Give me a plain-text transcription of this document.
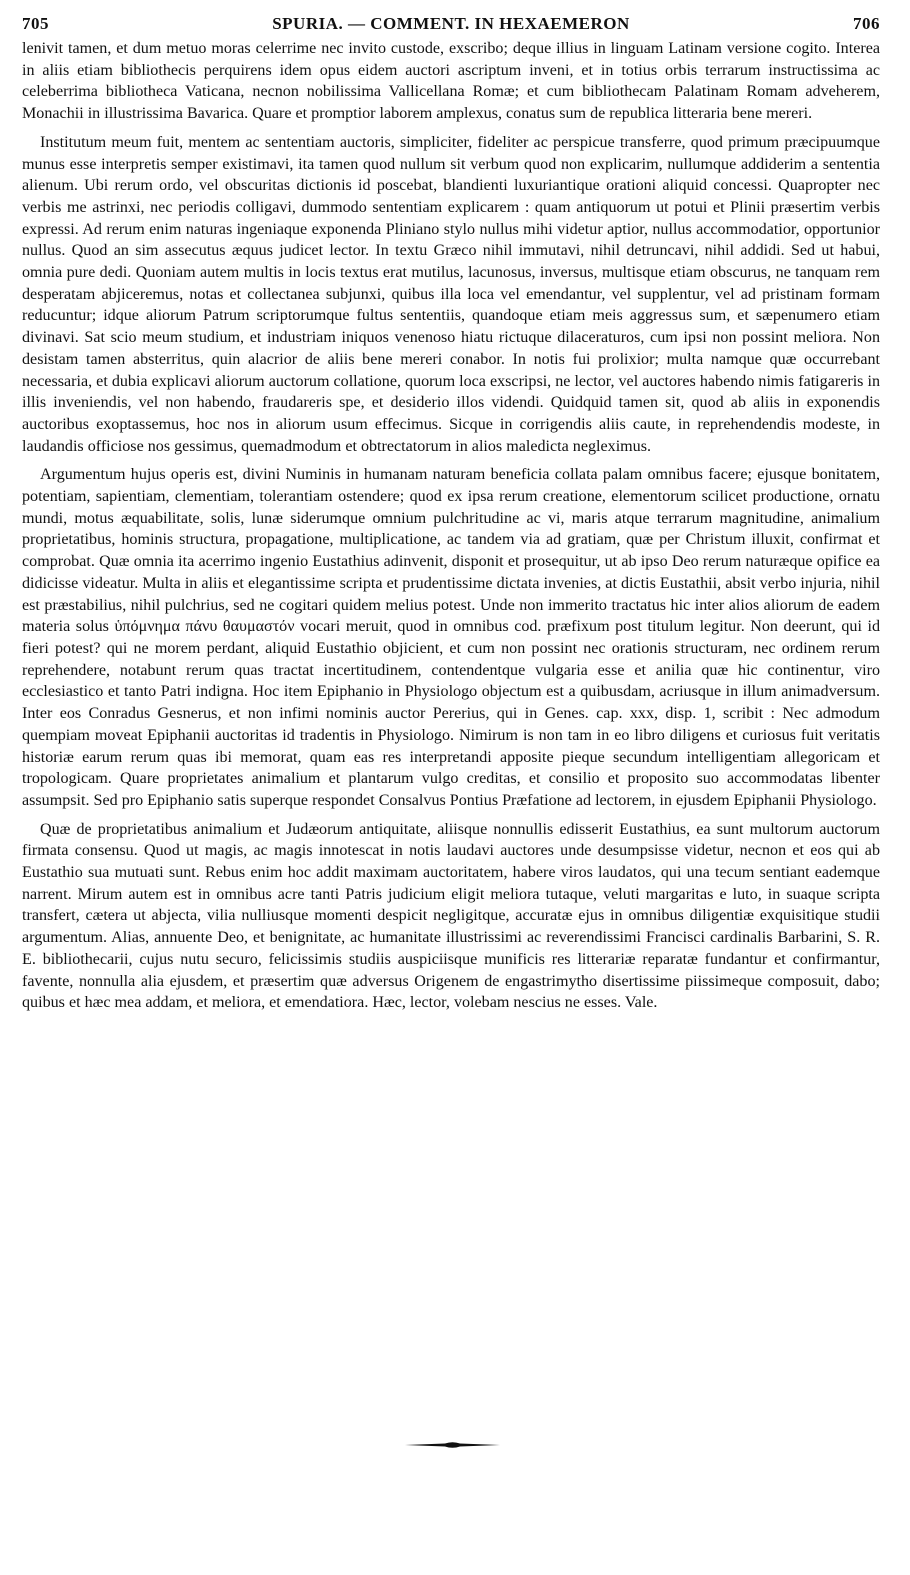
705	SPURIA. — COMMENT. IN HEXAEMERON	706

lenivit tamen, et dum metuo moras celerrime nec invito custode, exscribo; deque illius in linguam Latinam versione cogito. Interea in aliis etiam bibliothecis perquirens idem opus eidem auctori ascriptum inveni, et in totius orbis terrarum instructissima ac celeberrima bibliotheca Vaticana, necnon nobilissima Vallicellana Romæ; et cum bibliothecam Palatinam Romam adveherem, Monachii in illustrissima Bavarica. Quare et promptior laborem amplexus, conatus sum de republica litteraria bene mereri.

Institutum meum fuit, mentem ac sententiam auctoris, simpliciter, fideliter ac perspicue transferre, quod primum præcipuumque munus esse interpretis semper existimavi, ita tamen quod nullum sit verbum quod non explicarim, nullumque addiderim a sententia alienum. Ubi rerum ordo, vel obscuritas dictionis id poscebat, blandienti luxuriantique orationi aliquid concessi. Quapropter nec verbis me astrinxi, nec periodis colligavi, dummodo sententiam explicarem : quam antiquorum ut potui et Plinii præsertim verbis expressi. Ad rerum enim naturas ingeniaque exponenda Pliniano stylo nullus mihi videtur aptior, nullus accommodatior, opportunior nullus. Quod an sim assecutus æquus judicet lector. In textu Græco nihil immutavi, nihil detruncavi, nihil addidi. Sed ut habui, omnia pure dedi. Quoniam autem multis in locis textus erat mutilus, lacunosus, inversus, multisque etiam obscurus, ne tanquam rem desperatam abjiceremus, notas et collectanea subjunxi, quibus illa loca vel emendantur, vel supplentur, vel ad pristinam formam reducuntur; idque aliorum Patrum scriptorumque fultus sententiis, quandoque etiam meis aggressus sum, et sæpenumero etiam divinavi. Sat scio meum studium, et industriam iniquos venenoso hiatu rictuque dilaceraturos, cum ipsi non possint meliora. Non desistam tamen absterritus, quin alacrior de aliis bene mereri conabor. In notis fui prolixior; multa namque quæ occurrebant necessaria, et dubia explicavi aliorum auctorum collatione, quorum loca exscripsi, ne lector, vel auctores habendo nimis fatigareris in illis inveniendis, vel non habendo, fraudareris spe, et desiderio illos videndi. Quidquid tamen sit, quod ab aliis in exponendis auctoribus exoptassemus, hoc nos in aliorum usum effecimus. Sicque in corrigendis aliis caute, in reprehendendis modeste, in laudandis officiose nos gessimus, quemadmodum et obtrectatorum in alios maledicta negleximus.

Argumentum hujus operis est, divini Numinis in humanam naturam beneficia collata palam omnibus facere; ejusque bonitatem, potentiam, sapientiam, clementiam, tolerantiam ostendere; quod ex ipsa rerum creatione, elementorum scilicet productione, ornatu mundi, motus æquabilitate, solis, lunæ siderumque omnium pulchritudine ac vi, maris atque terrarum magnitudine, animalium proprietatibus, hominis structura, propagatione, multiplicatione, ac tandem via ad gratiam, quæ per Christum illuxit, confirmat et comprobat. Quæ omnia ita acerrimo ingenio Eustathius adinvenit, disponit et prosequitur, ut ab ipso Deo rerum naturæque opifice ea didicisse videatur. Multa in aliis et elegantissime scripta et prudentissime dictata invenies, at dictis Eustathii, absit verbo injuria, nihil est præstabilius, nihil pulchrius, sed ne cogitari quidem melius potest. Unde non immerito tractatus hic inter alios aliorum de eadem materia solus ὑπόμνημα πάνυ θαυμαστόν vocari meruit, quod in omnibus cod. præfixum post titulum legitur. Non deerunt, qui id fieri potest? qui ne morem perdant, aliquid Eustathio objicient, et cum non possint nec orationis structuram, nec ordinem rerum reprehendere, notabunt rerum quas tractat incertitudinem, contendentque vulgaria esse et anilia quæ hic continentur, viro ecclesiastico et tanto Patri indigna. Hoc item Epiphanio in Physiologo objectum est a quibusdam, acriusque in illum animadversum. Inter eos Conradus Gesnerus, et non infimi nominis auctor Pererius, qui in Genes. cap. xxx, disp. 1, scribit : Nec admodum quempiam moveat Epiphanii auctoritas id tradentis in Physiologo. Nimirum is non tam in eo libro diligens et curiosus fuit veritatis historiæ earum rerum quas ibi memorat, quam eas res interpretandi apposite pieque secundum intelligentiam allegoricam et tropologicam. Quare proprietates animalium et plantarum vulgo creditas, et consilio et proposito suo accommodatas libenter assumpsit. Sed pro Epiphanio satis superque respondet Consalvus Pontius Præfatione ad lectorem, in ejusdem Epiphanii Physiologo.

Quæ de proprietatibus animalium et Judæorum antiquitate, aliisque nonnullis edisserit Eustathius, ea sunt multorum auctorum firmata consensu. Quod ut magis, ac magis innotescat in notis laudavi auctores unde desumpsisse videtur, necnon et eos qui ab Eustathio sua mutuati sunt. Rebus enim hoc addit maximam auctoritatem, habere viros laudatos, qui una tecum sentiant eademque narrent. Mirum autem est in omnibus acre tanti Patris judicium eligit meliora tutaque, veluti margaritas e luto, in suaque scripta transfert, cætera ut abjecta, vilia nulliusque momenti despicit negligitque, accuratæ ejus in omnibus diligentiæ exquisitique studii argumentum. Alias, annuente Deo, et benignitate, ac humanitate illustrissimi ac reverendissimi Francisci cardinalis Barbarini, S. R. E. bibliothecarii, cujus nutu securo, felicissimis studiis auspiciisque munificis res litterariæ reparatæ fundantur et confirmantur, favente, nonnulla alia ejusdem, et præsertim quæ adversus Origenem de engastrimytho disertissime piissimeque composuit, dabo; quibus et hæc mea addam, et meliora, et emendatiora. Hæc, lector, volebam nescius ne esses. Vale.
